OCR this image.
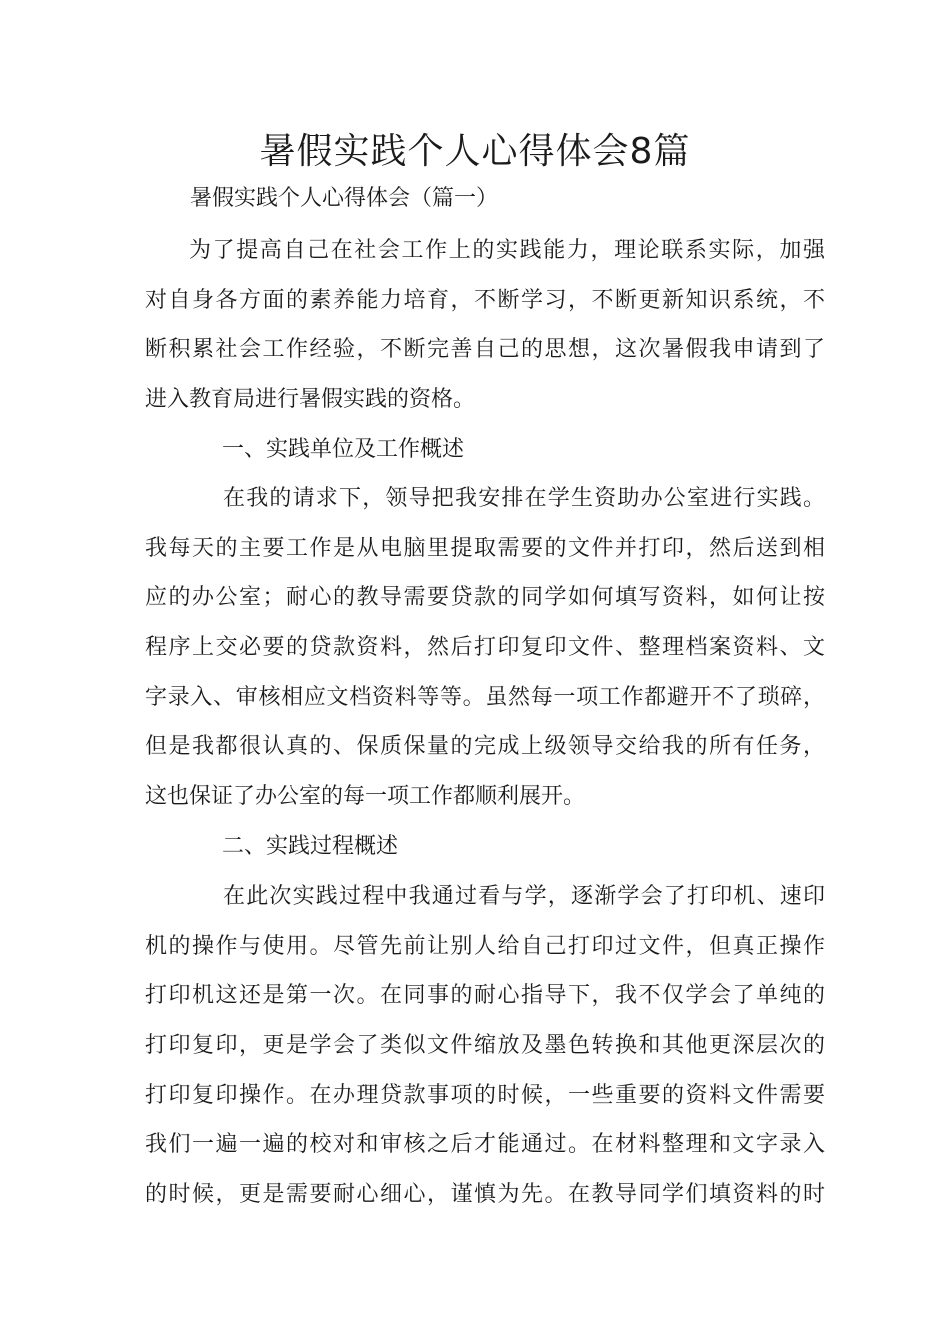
暑假实践个人心得体会8篇

暑假实践个人心得体会（篇一）

为了提高自己在社会工作上的实践能力，理论联系实际，加强
对自身各方面的素养能力培育，不断学习，不断更新知识系统，不
断积累社会工作经验，不断完善自己的思想，这次暑假我申请到了
进入教育局进行暑假实践的资格。

一、实践单位及工作概述

在我的请求下，领导把我安排在学生资助办公室进行实践。
我每天的主要工作是从电脑里提取需要的文件并打印，然后送到相
应的办公室；耐心的教导需要贷款的同学如何填写资料，如何让按
程序上交必要的贷款资料，然后打印复印文件、整理档案资料、文
字录入、审核相应文档资料等等。虽然每一项工作都避开不了琐碎，
但是我都很认真的、保质保量的完成上级领导交给我的所有任务，
这也保证了办公室的每一项工作都顺利展开。

二、实践过程概述

在此次实践过程中我通过看与学，逐渐学会了打印机、速印
机的操作与使用。尽管先前让别人给自己打印过文件，但真正操作
打印机这还是第一次。在同事的耐心指导下，我不仅学会了单纯的
打印复印，更是学会了类似文件缩放及墨色转换和其他更深层次的
打印复印操作。在办理贷款事项的时候，一些重要的资料文件需要
我们一遍一遍的校对和审核之后才能通过。在材料整理和文字录入
的时候，更是需要耐心细心，谨慎为先。在教导同学们填资料的时
